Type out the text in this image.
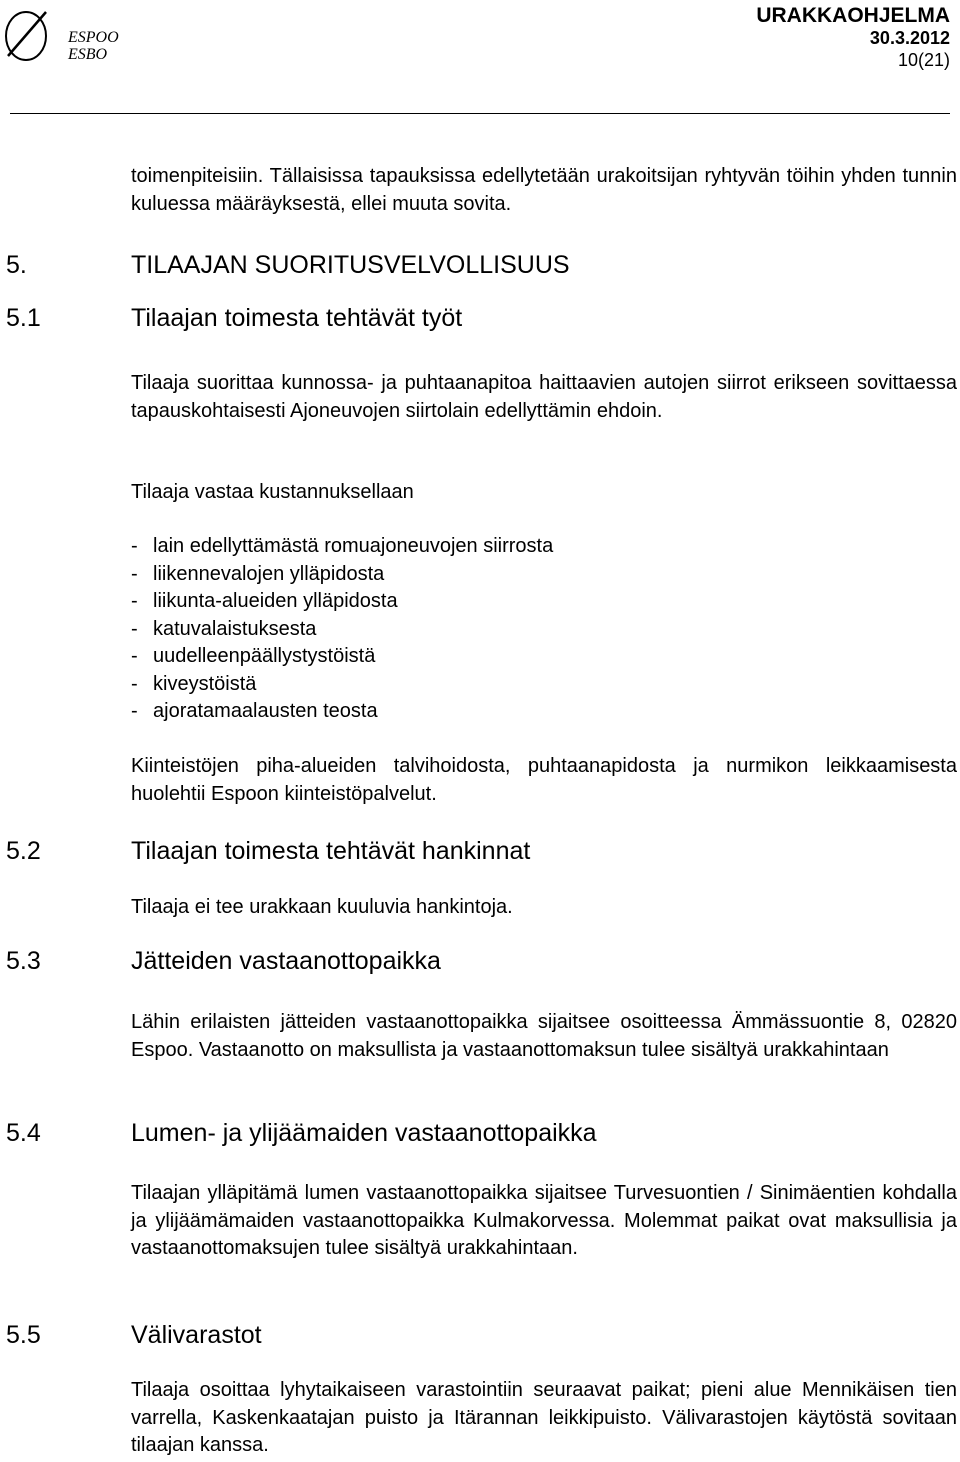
ESPOO
ESBO
URAKKAOHJELMA
30.3.2012
10(21)
toimenpiteisiin. Tällaisissa tapauksissa edellytetään urakoitsijan ryhtyvän töihin yhden tunnin kuluessa määräyksestä, ellei muuta sovita.
5.	TILAAJAN SUORITUSVELVOLLISUUS
5.1	Tilaajan toimesta tehtävät työt
Tilaaja suorittaa kunnossa- ja puhtaanapitoa haittaavien autojen siirrot erikseen sovittaessa tapauskohtaisesti Ajoneuvojen siirtolain edellyttämin ehdoin.
Tilaaja vastaa kustannuksellaan
- lain edellyttämästä romuajoneuvojen siirrosta
- liikennevalojen ylläpidosta
- liikunta-alueiden ylläpidosta
- katuvalaistuksesta
- uudelleenpäällystystöistä
- kiveystöistä
- ajoratamaalausten teosta
Kiinteistöjen piha-alueiden talvihoidosta, puhtaanapidosta ja nurmikon leikkaamisesta huolehtii Espoon kiinteistöpalvelut.
5.2	Tilaajan toimesta tehtävät hankinnat
Tilaaja ei tee urakkaan kuuluvia hankintoja.
5.3	Jätteiden vastaanottopaikka
Lähin erilaisten jätteiden vastaanottopaikka sijaitsee osoitteessa Ämmässuontie 8, 02820 Espoo. Vastaanotto on maksullista ja vastaanottomaksun tulee sisältyä urakkahintaan
5.4	Lumen- ja ylijäämaiden vastaanottopaikka
Tilaajan ylläpitämä lumen vastaanottopaikka sijaitsee Turvesuontien / Sinimäentien kohdalla ja ylijäämämaiden vastaanottopaikka Kulmakorvessa. Molemmat paikat ovat maksullisia ja vastaanottomaksujen tulee sisältyä urakkahintaan.
5.5	Välivarastot
Tilaaja osoittaa lyhytaikaiseen varastointiin seuraavat paikat; pieni alue Mennikäisen tien varrella, Kaskenkaatajan puisto ja Itärannan leikkipuisto. Välivarastojen käytöstä sovitaan tilaajan kanssa.
